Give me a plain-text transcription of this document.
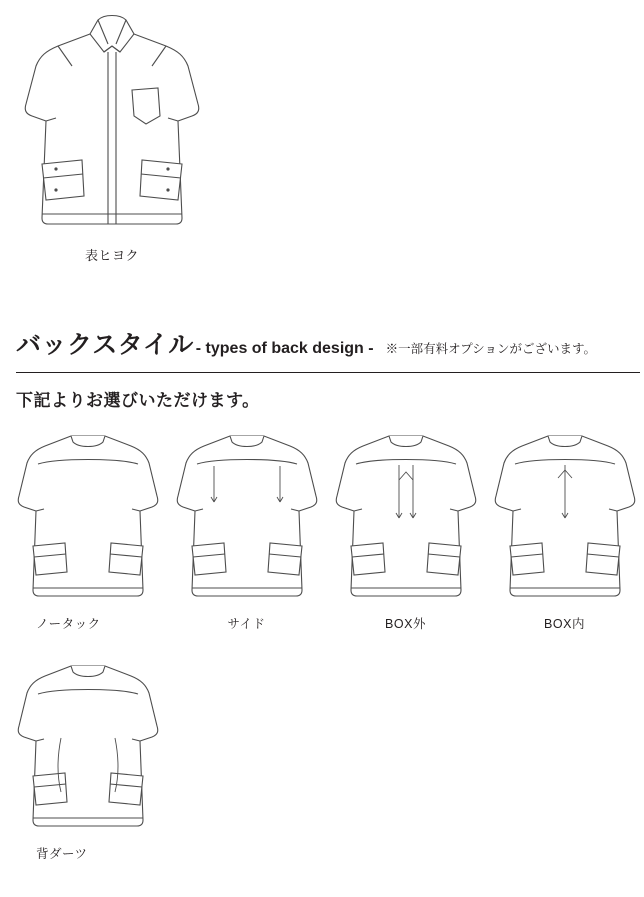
表ヒヨク
バックスタイル - types of back design - ※一部有料オプションがございます。
下記よりお選びいただけます。
ノータック	サイド	BOX外	BOX内
背ダーツ
